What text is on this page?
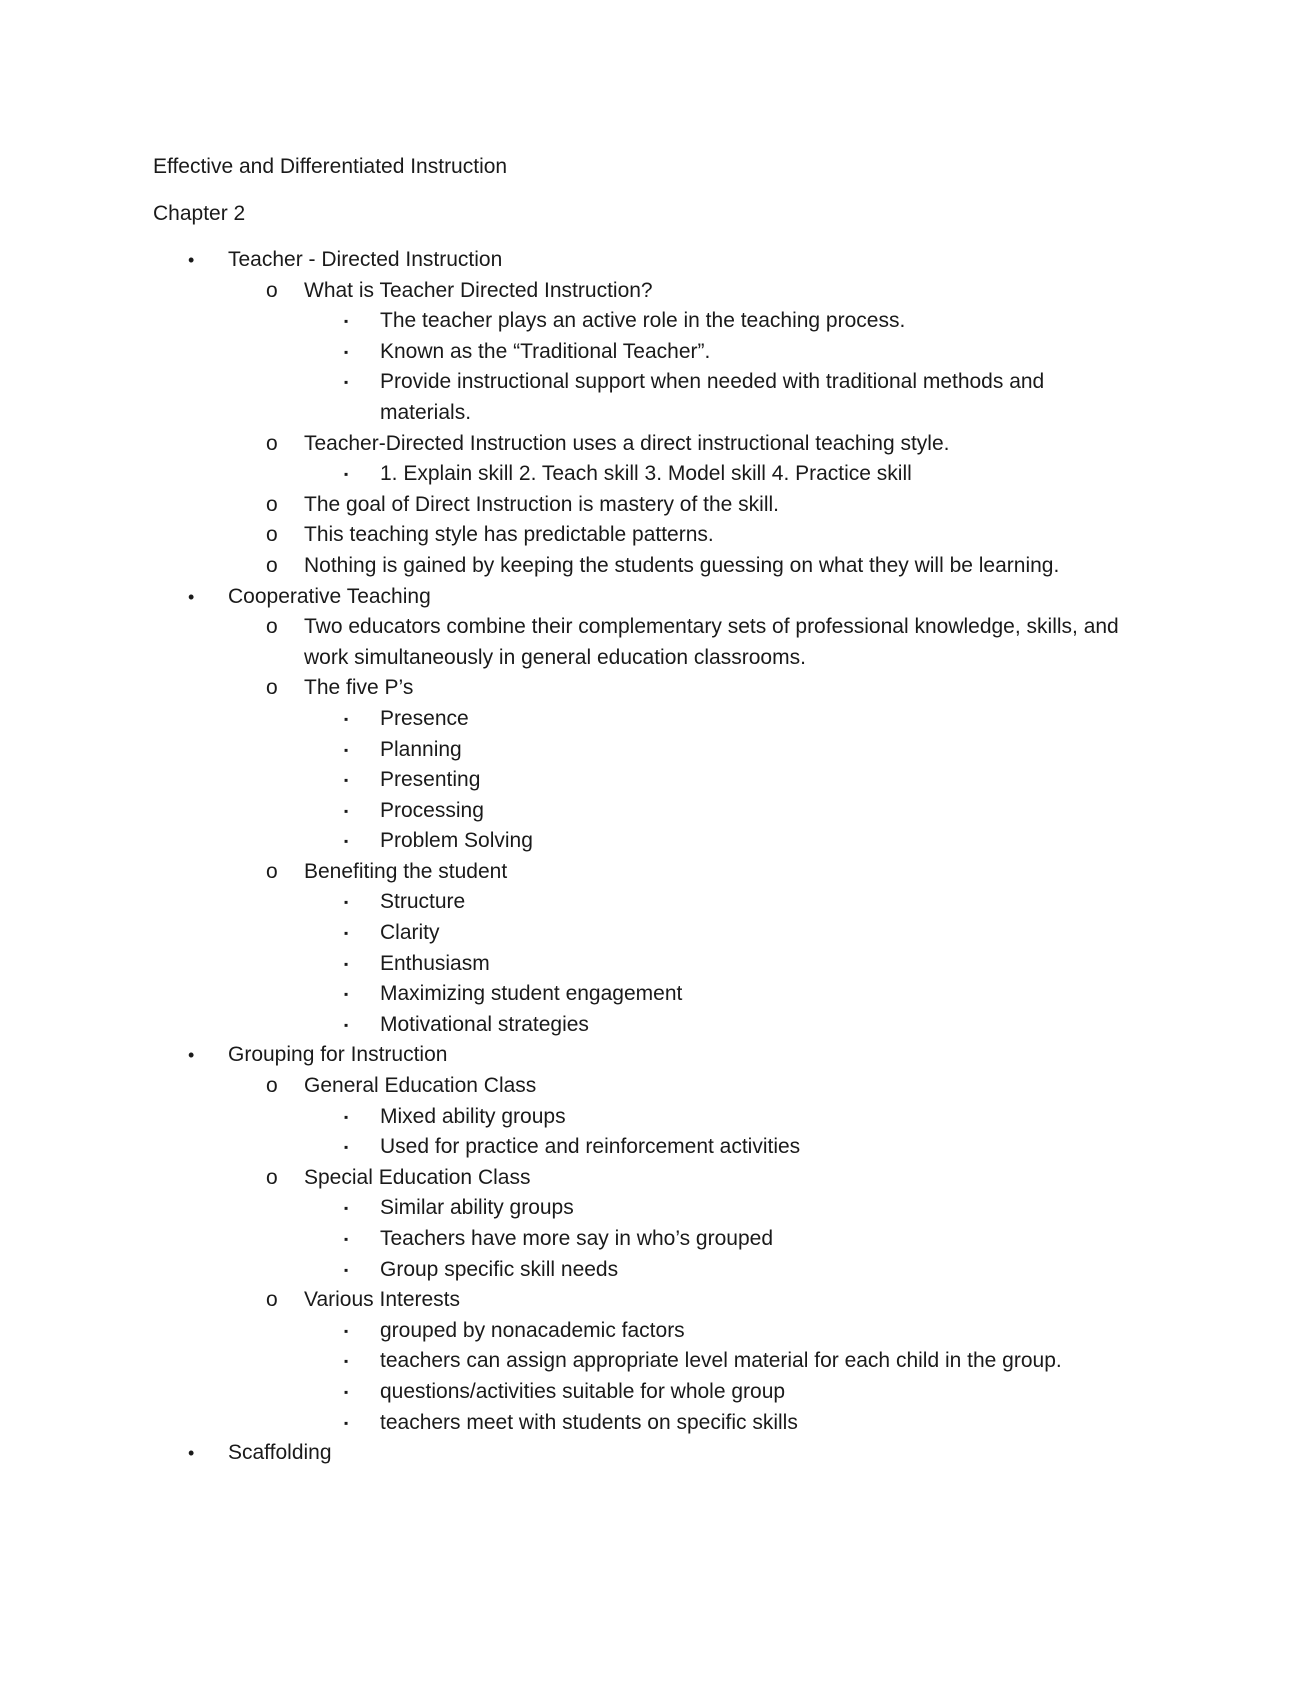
Effective and Differentiated Instruction
Chapter 2
• Teacher - Directed Instruction
o What is Teacher Directed Instruction?
▪ The teacher plays an active role in the teaching process.
▪ Known as the “Traditional Teacher”.
▪ Provide instructional support when needed with traditional methods and materials.
o Teacher-Directed Instruction uses a direct instructional teaching style.
▪ 1. Explain skill 2. Teach skill 3. Model skill 4. Practice skill
o The goal of Direct Instruction is mastery of the skill.
o This teaching style has predictable patterns.
o Nothing is gained by keeping the students guessing on what they will be learning.
• Cooperative Teaching
o Two educators combine their complementary sets of professional knowledge, skills, and work simultaneously in general education classrooms.
o The five P’s
▪ Presence
▪ Planning
▪ Presenting
▪ Processing
▪ Problem Solving
o Benefiting the student
▪ Structure
▪ Clarity
▪ Enthusiasm
▪ Maximizing student engagement
▪ Motivational strategies
• Grouping for Instruction
o General Education Class
▪ Mixed ability groups
▪ Used for practice and reinforcement activities
o Special Education Class
▪ Similar ability groups
▪ Teachers have more say in who’s grouped
▪ Group specific skill needs
o Various Interests
▪ grouped by nonacademic factors
▪ teachers can assign appropriate level material for each child in the group.
▪ questions/activities suitable for whole group
▪ teachers meet with students on specific skills
• Scaffolding
